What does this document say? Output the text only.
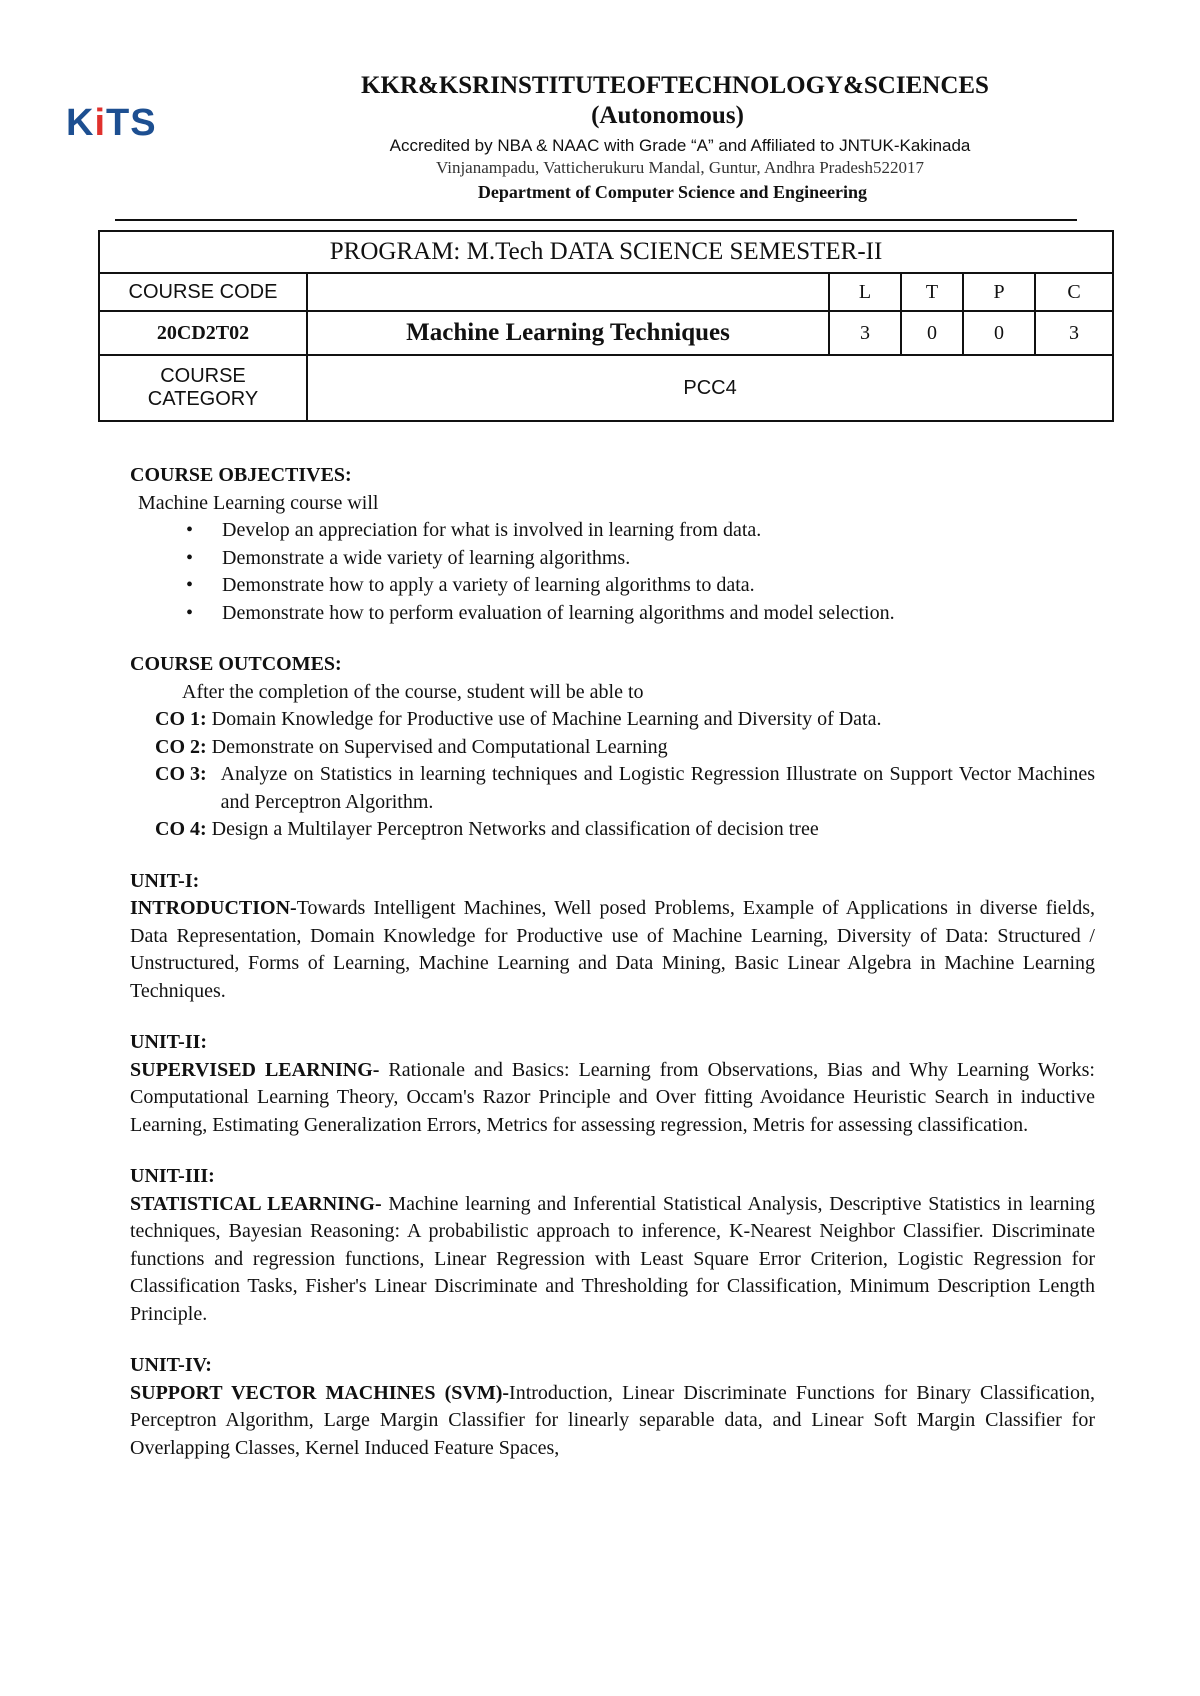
KiTS
KKR&KSRINSTITUTEOFTECHNOLOGY&SCIENCES
(Autonomous)
Accredited by NBA & NAAC with Grade “A” and Affiliated to JNTUK-Kakinada
Vinjanampadu, Vatticherukuru Mandal, Guntur, Andhra Pradesh522017
Department of Computer Science and Engineering
PROGRAM: M.Tech DATA SCIENCE SEMESTER-II					
COURSE CODE		L	T	P	C
20CD2T02	Machine Learning Techniques	3	0	0	3

COURSE
CATEGORY	PCC4				
COURSE OBJECTIVES:
Machine Learning course will
• Develop an appreciation for what is involved in learning from data.
• Demonstrate a wide variety of learning algorithms.
• Demonstrate how to apply a variety of learning algorithms to data.
• Demonstrate how to perform evaluation of learning algorithms and model selection.
COURSE OUTCOMES:
After the completion of the course, student will be able to
CO 1: Domain Knowledge for Productive use of Machine Learning and Diversity of Data.
CO 2: Demonstrate on Supervised and Computational Learning
CO 3: Analyze on Statistics in learning techniques and Logistic Regression Illustrate on Support Vector Machines and Perceptron Algorithm.
CO 4: Design a Multilayer Perceptron Networks and classification of decision tree
UNIT-I:
INTRODUCTION-Towards Intelligent Machines, Well posed Problems, Example of Applications in diverse fields, Data Representation, Domain Knowledge for Productive use of Machine Learning, Diversity of Data: Structured / Unstructured, Forms of Learning, Machine Learning and Data Mining, Basic Linear Algebra in Machine Learning Techniques.
UNIT-II:
SUPERVISED LEARNING- Rationale and Basics: Learning from Observations, Bias and Why Learning Works: Computational Learning Theory, Occam's Razor Principle and Over fitting Avoidance Heuristic Search in inductive Learning, Estimating Generalization Errors, Metrics for assessing regression, Metris for assessing classification.
UNIT-III:
STATISTICAL LEARNING- Machine learning and Inferential Statistical Analysis, Descriptive Statistics in learning techniques, Bayesian Reasoning: A probabilistic approach to inference, K-Nearest Neighbor Classifier. Discriminate functions and regression functions, Linear Regression with Least Square Error Criterion, Logistic Regression for Classification Tasks, Fisher's Linear Discriminate and Thresholding for Classification, Minimum Description Length Principle.
UNIT-IV:
SUPPORT VECTOR MACHINES (SVM)-Introduction, Linear Discriminate Functions for Binary Classification, Perceptron Algorithm, Large Margin Classifier for linearly separable data, and Linear Soft Margin Classifier for Overlapping Classes, Kernel Induced Feature Spaces,
